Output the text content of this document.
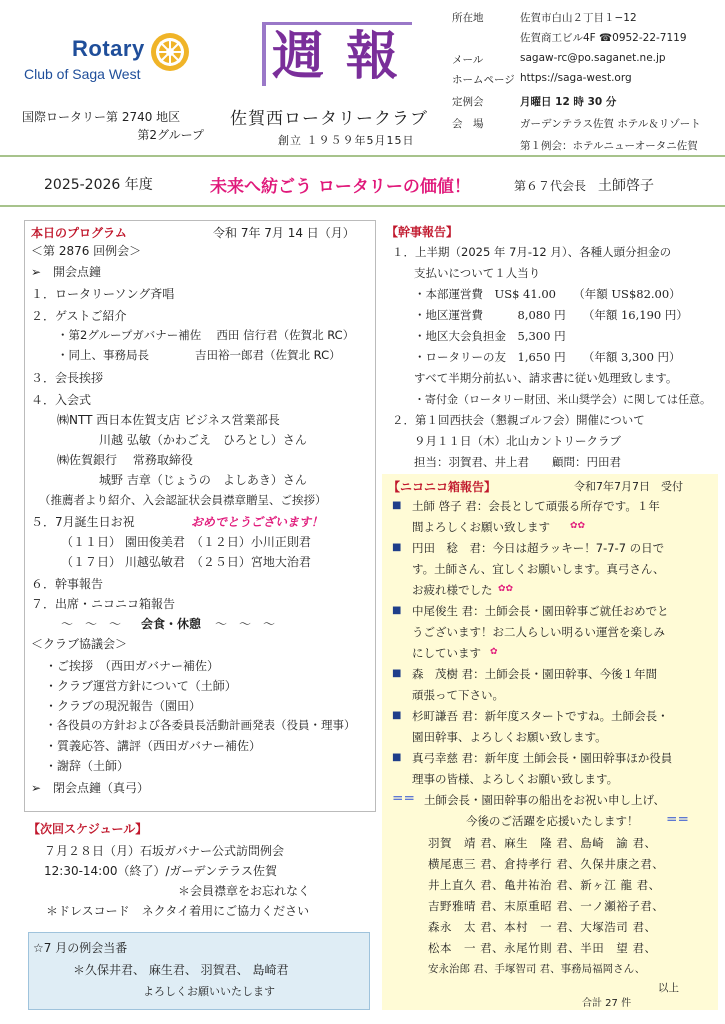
Rotary
Club of Saga West
国際ロータリー第 2740 地区
第2グループ
週報
佐賀西ロータリークラブ
創立 １９５９年5月15日
所在地	佐賀市白山２丁目１−12
佐賀商工ビル4F ☎0952-22-7119
メール	sagaw-rc@po.saganet.ne.jp
ホームページ https://saga-west.org
定例会	月曜日 12 時 30 分
会　場	ガーデンテラス佐賀 ホテル＆リゾート
第１例会：ホテルニューオータニ佐賀
2025-2026 年度	未来へ紡ごう ロータリーの価値！	第６７代会長 土師啓子
本日のプログラム	令和 7年 7月 14 日（月）
＜第 2876 回例会＞
➢　開会点鐘
１．ロータリーソング斉唱
２．ゲストご紹介
・第2グループガバナー補佐　 西田 信行君（佐賀北 RC）
・同上、事務局長　　　　吉田裕一郎君（佐賀北 RC）
３．会長挨拶
４．入会式
㈱NTT 西日本佐賀支店 ビジネス営業部長
川越 弘敏（かわごえ　ひろとし）さん
㈱佐賀銀行　 常務取締役
城野 吉章（じょうの　よしあき）さん
（推薦者より紹介、入会認証状会員襟章贈呈、ご挨拶）
５．7月誕生日お祝	おめでとうございます！
（１１日） 園田俊美君　（１２日）小川正則君
（１７日） 川越弘敏君　（２５日）宮地大治君
６．幹事報告
７．出席・ニコニコ箱報告
～　～　～ 会食・休憩 ～　～　～
＜クラブ協議会＞
・ご挨拶　（西田ガバナー補佐）
・クラブ運営方針について（土師）
・クラブの現況報告（園田）
・各役員の方針および各委員長活動計画発表（役員・理事）
・質義応答、講評（西田ガバナー補佐）
・謝辞（土師）
➢　閉会点鐘（真弓）
【次回スケジュール】
７月２８日（月）石坂ガバナー公式訪問例会
12:30-14:00（終了）/ガーデンテラス佐賀
＊会員襟章をお忘れなく
＊ドレスコード　ネクタイ着用にご協力ください
☆7 月の例会当番
＊久保井君、 麻生君、 羽賀君、 島崎君
よろしくお願いいたします
【幹事報告】
１．上半期（2025 年 7月-12 月）、各種人頭分担金の
支払いについて１人当り
・本部運営費　US$ 41.00　　（年額 US$82.00）
・地区運営費　　　8,080 円　　（年額 16,190 円）
・地区大会負担金　5,300 円
・ロータリーの友　1,650 円　　（年額 3,300 円）
すべて半期分前払い、請求書に従い処理致します。
・寄付金（ロータリー財団、米山奨学会）に関しては任意。
２．第１回西扶会（懇親ゴルフ会）開催について
９月１１日（木）北山カントリークラブ
担当：羽賀君、井上君　　顧問：円田君
【ニコニコ箱報告】	令和7年7月7日　受付
■ 土師 啓子 君：会長として頑張る所存です。１年
間よろしくお願い致します ✿✿
■ 円田　稔　君：今日は超ラッキー！7-7-7 の日で
す。土師さん、宜しくお願いします。真弓さん、
お疲れ様でした ✿✿
■ 中尾俊生 君：土師会長・園田幹事ご就任おめでと
うございます！お二人らしい明るい運営を楽しみ
にしています ✿
■ 森　茂樹 君：土師会長・園田幹事、今後１年間
頑張って下さい。
■ 杉町謙吾 君：新年度スタートですね。土師会長・
園田幹事、よろしくお願い致します。
■ 真弓幸慈 君：新年度 土師会長・園田幹事ほか役員
理事の皆様、よろしくお願い致します。
＝＝ 土師会長・園田幹事の船出をお祝い申し上げ、
今後のご活躍を応援いたします！ ＝＝
羽賀　靖 君、麻生　隆 君、島崎　諭 君、
横尾恵三 君、倉持孝行 君、久保井康之君、
井上直久 君、亀井祐治 君、新ヶ江 龍 君、
吉野雅晴 君、末原重昭 君、一ノ瀬裕子君、
森永　太 君、本村　一 君、大塚浩司 君、
松本　一 君、永尾竹則 君、半田　望 君、
安永治郎 君、手塚智司 君、事務局福岡さん、
以上
合計 27 件
